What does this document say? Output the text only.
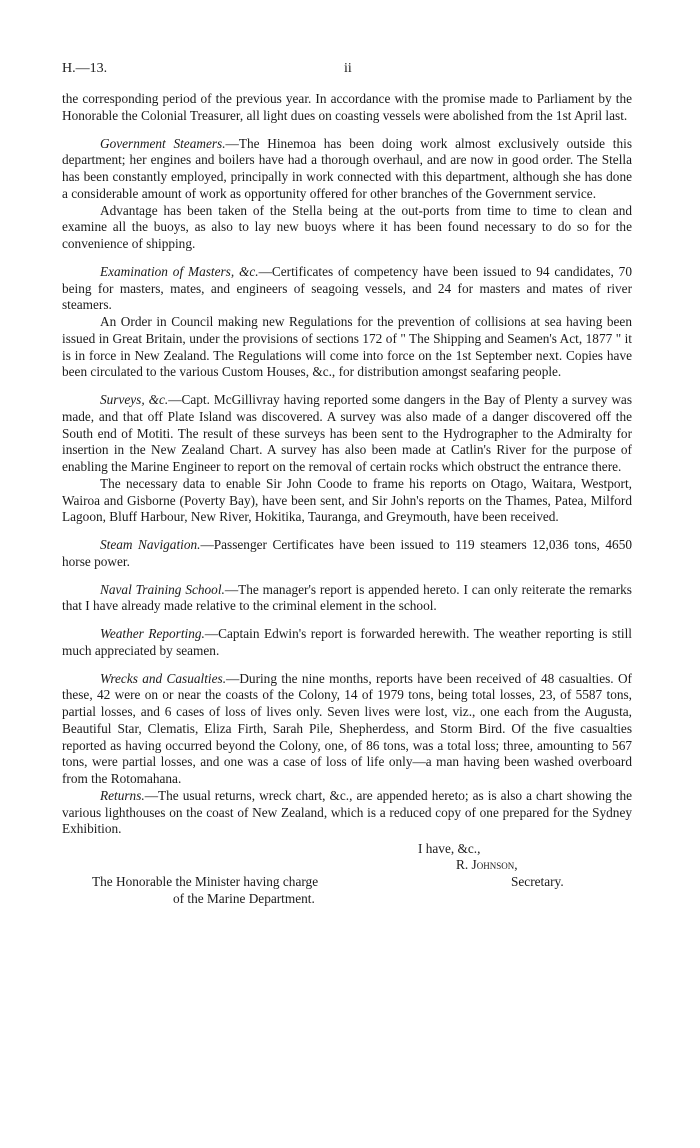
H.—13.	ii

the corresponding period of the previous year. In accordance with the promise made to Parliament by the Honorable the Colonial Treasurer, all light dues on coasting vessels were abolished from the 1st April last.

Government Steamers.—The Hinemoa has been doing work almost exclusively outside this department; her engines and boilers have had a thorough overhaul, and are now in good order. The Stella has been constantly employed, principally in work connected with this department, although she has done a considerable amount of work as opportunity offered for other branches of the Government service.

Advantage has been taken of the Stella being at the out-ports from time to time to clean and examine all the buoys, as also to lay new buoys where it has been found necessary to do so for the convenience of shipping.

Examination of Masters, &c.—Certificates of competency have been issued to 94 candidates, 70 being for masters, mates, and engineers of seagoing vessels, and 24 for masters and mates of river steamers.

An Order in Council making new Regulations for the prevention of collisions at sea having been issued in Great Britain, under the provisions of sections 172 of " The Shipping and Seamen's Act, 1877 " it is in force in New Zealand. The Regulations will come into force on the 1st September next. Copies have been circulated to the various Custom Houses, &c., for distribution amongst seafaring people.

Surveys, &c.—Capt. McGillivray having reported some dangers in the Bay of Plenty a survey was made, and that off Plate Island was discovered. A survey was also made of a danger discovered off the South end of Motiti. The result of these surveys has been sent to the Hydrographer to the Admiralty for insertion in the New Zealand Chart. A survey has also been made at Catlin's River for the purpose of enabling the Marine Engineer to report on the removal of certain rocks which obstruct the entrance there.

The necessary data to enable Sir John Coode to frame his reports on Otago, Waitara, Westport, Wairoa and Gisborne (Poverty Bay), have been sent, and Sir John's reports on the Thames, Patea, Milford Lagoon, Bluff Harbour, New River, Hokitika, Tauranga, and Greymouth, have been received.

Steam Navigation.—Passenger Certificates have been issued to 119 steamers 12,036 tons, 4650 horse power.

Naval Training School.—The manager's report is appended hereto. I can only reiterate the remarks that I have already made relative to the criminal element in the school.

Weather Reporting.—Captain Edwin's report is forwarded herewith. The weather reporting is still much appreciated by seamen.

Wrecks and Casualties.—During the nine months, reports have been received of 48 casualties. Of these, 42 were on or near the coasts of the Colony, 14 of 1979 tons, being total losses, 23, of 5587 tons, partial losses, and 6 cases of loss of lives only. Seven lives were lost, viz., one each from the Augusta, Beautiful Star, Clematis, Eliza Firth, Sarah Pile, Shepherdess, and Storm Bird. Of the five casualties reported as having occurred beyond the Colony, one, of 86 tons, was a total loss; three, amounting to 567 tons, were partial losses, and one was a case of loss of life only—a man having been washed overboard from the Rotomahana.

Returns.—The usual returns, wreck chart, &c., are appended hereto; as is also a chart showing the various lighthouses on the coast of New Zealand, which is a reduced copy of one prepared for the Sydney Exhibition.

I have, &c.,
R. Johnson,
The Honorable the Minister having charge	Secretary.
of the Marine Department.
